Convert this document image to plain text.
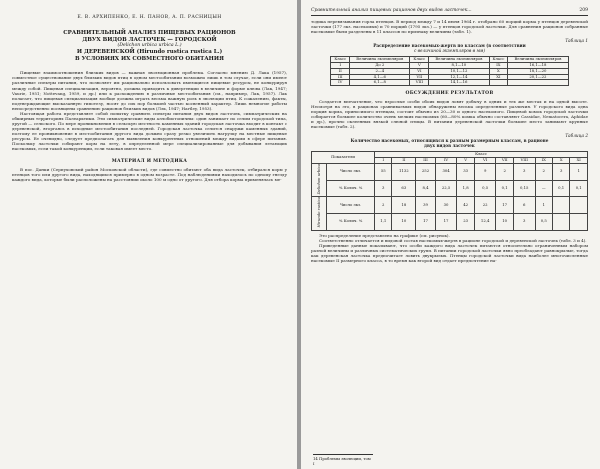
Е. В. АРХИПЕНКО, Е. Н. ПАНОВ, А. П. РАСНИЦЫН

СРАВНИТЕЛЬНЫЙ АНАЛИЗ ПИЩЕВЫХ РАЦИОНОВ

ДВУХ ВИДОВ ЛАСТОЧЕК — ГОРОДСКОЙ

(Delichon urbica urbica L.)

И ДЕРЕВЕНСКОЙ (Hirundo rustica rustica L.)

В УСЛОВИЯХ ИХ СОВМЕСТНОГО ОБИТАНИЯ

Пищевые взаимоотношения близких видов — важная эволюционная проблема. Согласно мнению Д. Лака (1957), совместное существование двух близких видов птиц в одном местообитании возможно лишь в том случае, если они имеют различные спектры питания, что позволяет им рационально использовать имеющиеся пищевые ресурсы, не конкурируя между собой. Пищевая специализация, вероятно, должна приводить к дивергенции в величине и форме клюва (Лак, 1947; Vaurie, 1951; Nottevang, 1959, и др.) или к расхождению в различные местообитания (см., например, Лак, 1957). Лак полагает, что пищевая специализация вообще должна играть весьма важную роль в эволюции птиц. К сожалению, факты, подтверждающие высказанную гипотезу, носят до сих пор большей частью косвенный характер. Лишь немногие работы непосредственно посвящены сравнению рационов близких видов (Лэк, 1947; Hartley, 1953).

Настоящая работа представляет собой попытку сравнить спектры питания двух видов ласточек, симпатрических на обширных территориях Палеарктики. Эти симпатрические виды аллобиотопичны: один занимает по селим городской типа, другой — сельского. По мере проникновения в сельскую местность каменных зданий городская ласточка входит в контакт с деревенской, вторгаясь в исходные местообитания последней. Городская ласточка селится снаружи каменных зданий, поэтому ее проникновение в местообитания другого вида должно сразу резко увеличить нагрузку на местные пищевые ресурсы. Ее очевидно, следует предполагать для выявления конкурентных отношений между видами в сфере питания. Поскольку ласточки собирают корм на лету, в определенной мере специализированные для добывания летающих насекомых, если такой конкуренции, если таковая имеет место.

МАТЕРИАЛ И МЕТОДИКА

В пос. Данки (Серпуховский район Московской области), где совместно обитают оба вида ласточек, отбирался корм у птенцов того или другого вида, находящихся примерно в одном возрасте. Под наблюдениями находилось по одному гнезду каждого вида, которые были расположены на расстоянии около 100 м одно от другого. Для отбора корма применялась ме-

Сравнительный анализ пищевых рационов двух видов ласточек...	209

тодика перевязывания горла птенцов. В период между 7 и 14 июня 1964 г. отобрано 60 порций корма у птенцов деревенской ласточки (177 экз. насекомых) и 70 порций (1795 экз.) — у птенцов городской ласточки. Для сравнения рационов собранные насекомые были разделены в 11 классов по признаку величины (табл. 1).

Таблица 1

Распределение насекомых-жертв по классам (в соответствии

с величиной экземпляров в мм)

Класс	Величина экземпляров	Класс	Величина экземпляров	Класс	Величина экземпляров
I	До 2	V	8,1—10	IX	16,1—18
II	2—4	VI	10,1—12	X	18,1—20
III	4,1—6	VII	12,1—14	XI	20,1—22
IV	6,1—8	VIII	14,1—16		

ОБСУЖДЕНИЕ РЕЗУЛЬТАТОВ

Создается впечатление, что взрослые особи обоих видов ловят добычу в одних и тех же местах и на одной высоте. Несмотря на это, в рационах сравниваемых видов обнаружены весьма определенные различия. У городского вида одна порция корма, приносимого птенцам, состоит обычно из 20—30 и одного насекомого. Пищевой комок городской ласточки собирается большее количество очень мелких насекомых (60—80% комка обычно составляют Cassidae, Nematocera, Aphidae и др.), прочно склеенных вязкой слюной птицы. В питании деревенской ласточки большее место занимают крупные насекомые (табл. 2).

Таблица 2

Количество насекомых, относящихся к разным размерным классам, в рационе

двух видов ласточек

Показатели		Класс										
		I	II	III	IV	V	VI	VII	VIII	IX	X	XI
Delichon urbica	Число экз.	55	1132	252	304	33	9	2	3	2	3	1
	% Колич. %	3	63	8,4	22,5	1,8	0,5	0,1	0,15	—	0,1	0,1
Hirundo rustica	Число экз.	2	18	39	30	42	22	17	6	1		
	% Колич. %	1,1	10	17	17	23	12,4	10	3	0,5		

Это распределение представлено на графике (см. рисунок).

Соответственно отличается и видовой состав насекомых-жертв в рационе городской и деревенской ласточек (табл. 3 и 4).

Приведенные данные показывают, что особи каждого вида ласточек питаются относительно ограниченным набором разной величины и различных систематических групп. В питании городской ласточки явно преобладают равнокрылые, тогда как деревенская ласточка предпочитает ловить двукрылых. Птенцы городской ласточки вида наиболее многочисленные насекомые II размерного класса, в то время как второй вид отдает предпочтение на-

14 Проблемы эволюции, том I
